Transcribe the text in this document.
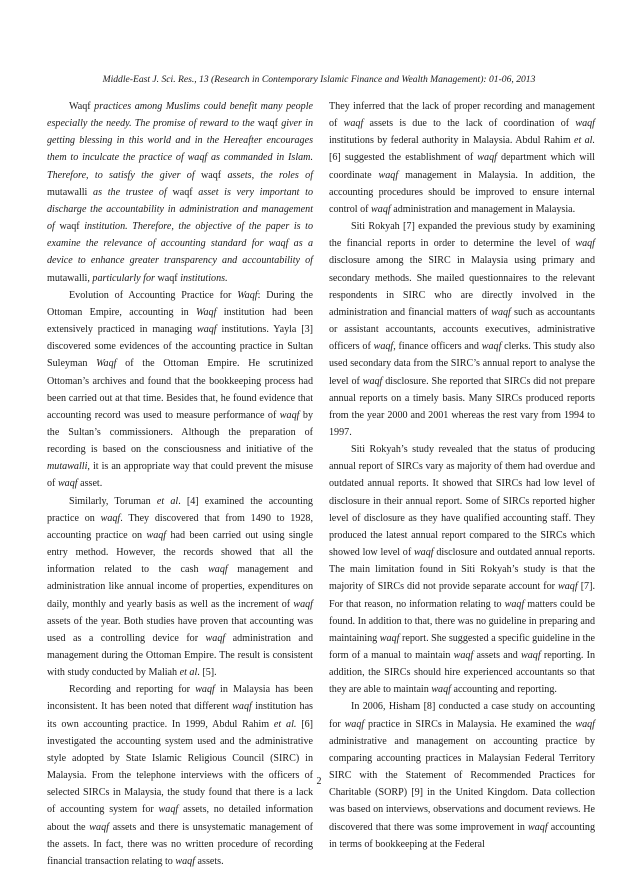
Middle-East J. Sci. Res., 13 (Research in Contemporary Islamic Finance and Wealth Management): 01-06, 2013

Waqf practices among Muslims could benefit many people especially the needy. The promise of reward to the waqf giver in getting blessing in this world and in the Hereafter encourages them to inculcate the practice of waqf as commanded in Islam. Therefore, to satisfy the giver of waqf assets, the roles of mutawalli as the trustee of waqf asset is very important to discharge the accountability in administration and management of waqf institution. Therefore, the objective of the paper is to examine the relevance of accounting standard for waqf as a device to enhance greater transparency and accountability of mutawalli, particularly for waqf institutions.

Evolution of Accounting Practice for Waqf: During the Ottoman Empire, accounting in Waqf institution had been extensively practiced in managing waqf institutions. Yayla [3] discovered some evidences of the accounting practice in Sultan Suleyman Waqf of the Ottoman Empire. He scrutinized Ottoman’s archives and found that the bookkeeping process had been carried out at that time. Besides that, he found evidence that accounting record was used to measure performance of waqf by the Sultan’s commissioners. Although the preparation of recording is based on the consciousness and initiative of the mutawalli, it is an appropriate way that could prevent the misuse of waqf asset.

Similarly, Toruman et al. [4] examined the accounting practice on waqf. They discovered that from 1490 to 1928, accounting practice on waqf had been carried out using single entry method. However, the records showed that all the information related to the cash waqf management and administration like annual income of properties, expenditures on daily, monthly and yearly basis as well as the increment of waqf assets of the year. Both studies have proven that accounting was used as a controlling device for waqf administration and management during the Ottoman Empire. The result is consistent with study conducted by Maliah et al. [5].

Recording and reporting for waqf in Malaysia has been inconsistent. It has been noted that different waqf institution has its own accounting practice. In 1999, Abdul Rahim et al. [6] investigated the accounting system used and the administrative style adopted by State Islamic Religious Council (SIRC) in Malaysia. From the telephone interviews with the officers of selected SIRCs in Malaysia, the study found that there is a lack of accounting system for waqf assets, no detailed information about the waqf assets and there is unsystematic management of the assets. In fact, there was no written procedure of recording financial transaction relating to waqf assets.

They inferred that the lack of proper recording and management of waqf assets is due to the lack of coordination of waqf institutions by federal authority in Malaysia. Abdul Rahim et al. [6] suggested the establishment of waqf department which will coordinate waqf management in Malaysia. In addition, the accounting procedures should be improved to ensure internal control of waqf administration and management in Malaysia.

Siti Rokyah [7] expanded the previous study by examining the financial reports in order to determine the level of waqf disclosure among the SIRC in Malaysia using primary and secondary methods. She mailed questionnaires to the relevant respondents in SIRC who are directly involved in the administration and financial matters of waqf such as accountants or assistant accountants, accounts executives, administrative officers of waqf, finance officers and waqf clerks. This study also used secondary data from the SIRC’s annual report to analyse the level of waqf disclosure. She reported that SIRCs did not prepare annual reports on a timely basis. Many SIRCs produced reports from the year 2000 and 2001 whereas the rest vary from 1994 to 1997.

Siti Rokyah’s study revealed that the status of producing annual report of SIRCs vary as majority of them had overdue and outdated annual reports. It showed that SIRCs had low level of disclosure in their annual report. Some of SIRCs reported higher level of disclosure as they have qualified accounting staff. They produced the latest annual report compared to the SIRCs which showed low level of waqf disclosure and outdated annual reports. The main limitation found in Siti Rokyah’s study is that the majority of SIRCs did not provide separate account for waqf [7]. For that reason, no information relating to waqf matters could be found. In addition to that, there was no guideline in preparing and maintaining waqf report. She suggested a specific guideline in the form of a manual to maintain waqf assets and waqf reporting. In addition, the SIRCs should hire experienced accountants so that they are able to maintain waqf accounting and reporting.

In 2006, Hisham [8] conducted a case study on accounting for waqf practice in SIRCs in Malaysia. He examined the waqf administrative and management on accounting practice by comparing accounting practices in Malaysian Federal Territory SIRC with the Statement of Recommended Practices for Charitable (SORP) [9] in the United Kingdom. Data collection was based on interviews, observations and document reviews. He discovered that there was some improvement in waqf accounting in terms of bookkeeping at the Federal

2
